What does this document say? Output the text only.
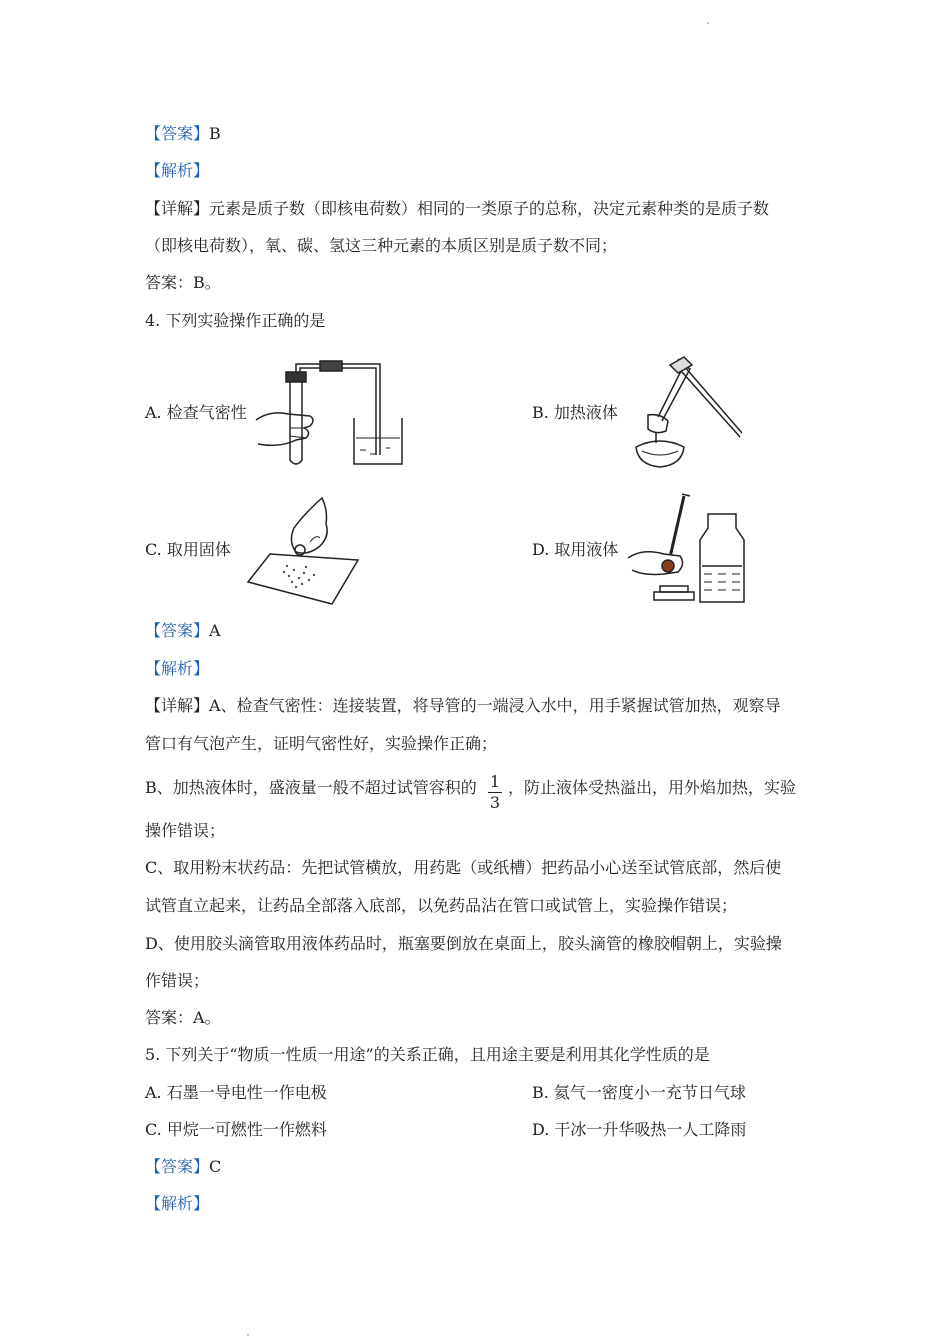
【答案】B
【解析】
【详解】元素是质子数（即核电荷数）相同的一类原子的总称，决定元素种类的是质子数
（即核电荷数），氧、碳、氢这三种元素的本质区别是质子数不同；
答案：B。
4. 下列实验操作正确的是
A. 检查气密性	B. 加热液体
C. 取用固体	D. 取用液体
【答案】A
【解析】
【详解】A、检查气密性：连接装置，将导管的一端浸入水中，用手紧握试管加热，观察导
管口有气泡产生，证明气密性好，实验操作正确；
B、加热液体时，盛液量一般不超过试管容积的 1
3
，防止液体受热溢出，用外焰加热，实验
操作错误；
C、取用粉末状药品：先把试管横放，用药匙（或纸槽）把药品小心送至试管底部，然后使
试管直立起来，让药品全部落入底部，以免药品沾在管口或试管上，实验操作错误；
D、使用胶头滴管取用液体药品时，瓶塞要倒放在桌面上，胶头滴管的橡胶帽朝上，实验操
作错误；
答案：A。
5. 下列关于“物质一性质一用途”的关系正确，且用途主要是利用其化学性质的是
A. 石墨一导电性一作电极	B. 氦气一密度小一充节日气球
C. 甲烷一可燃性一作燃料	D. 干冰一升华吸热一人工降雨
【答案】C
【解析】
